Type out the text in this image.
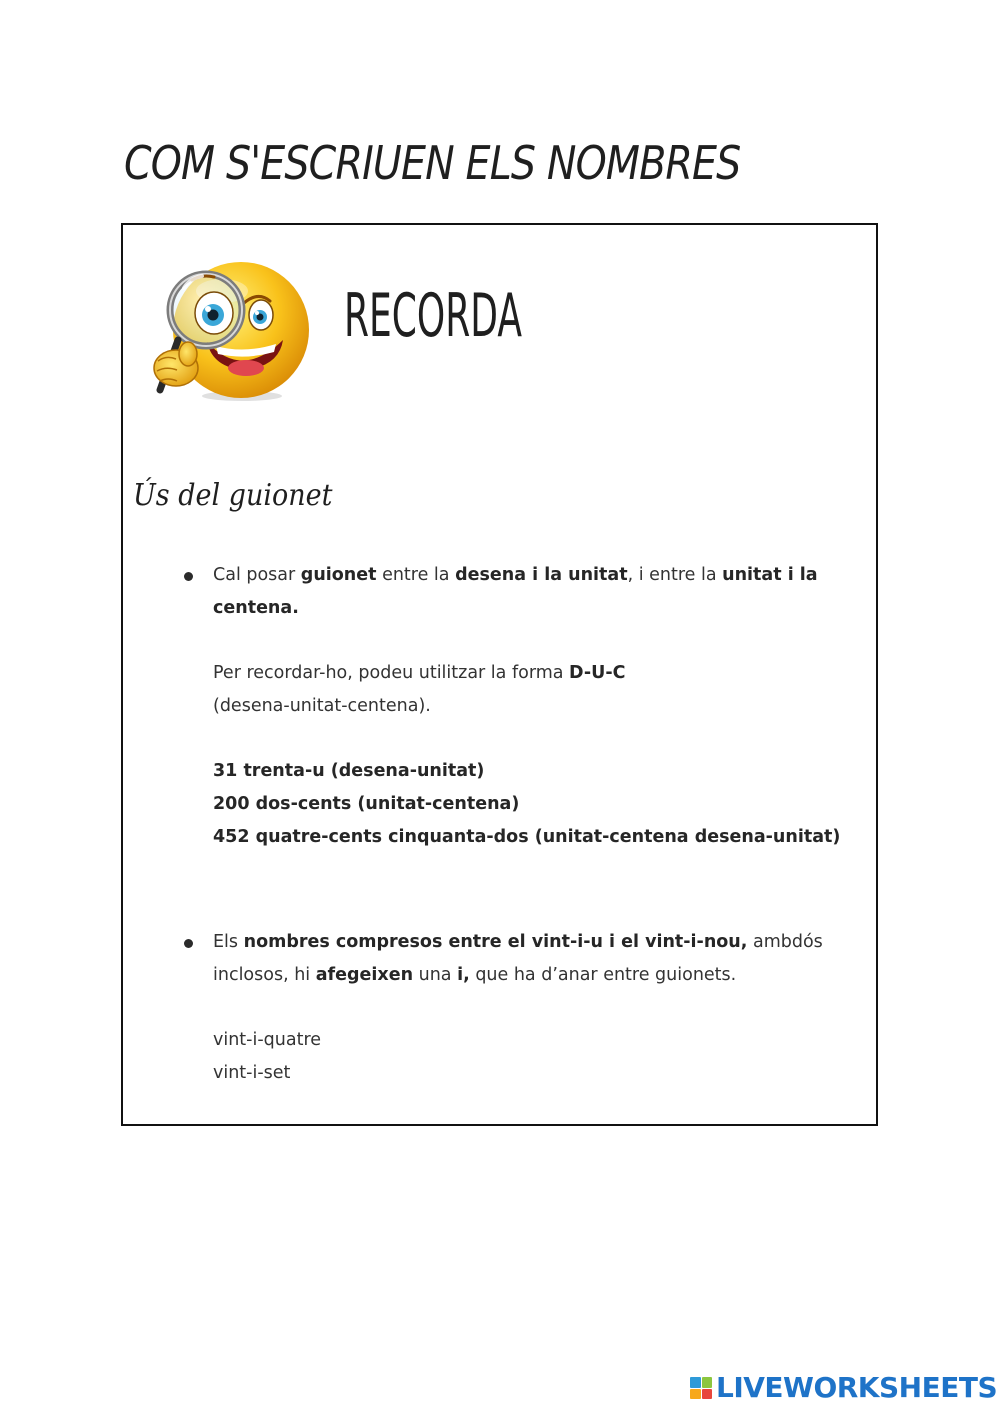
COM S'ESCRIUEN ELS NOMBRES
RECORDA
Ús del guionet

Cal posar guionet entre la desena i la unitat, i entre la unitat i la centena.

Per recordar-ho, podeu utilitzar la forma D-U-C
(desena-unitat-centena).

31 trenta-u (desena-unitat)

200 dos-cents (unitat-centena)

452 quatre-cents cinquanta-dos (unitat-centena desena-unitat)

Els nombres compresos entre el vint-i-u i el vint-i-nou, ambdós inclosos, hi afegeixen una i, que ha d’anar entre guionets.

vint-i-quatre

vint-i-set

LIVEWORKSHEETS
